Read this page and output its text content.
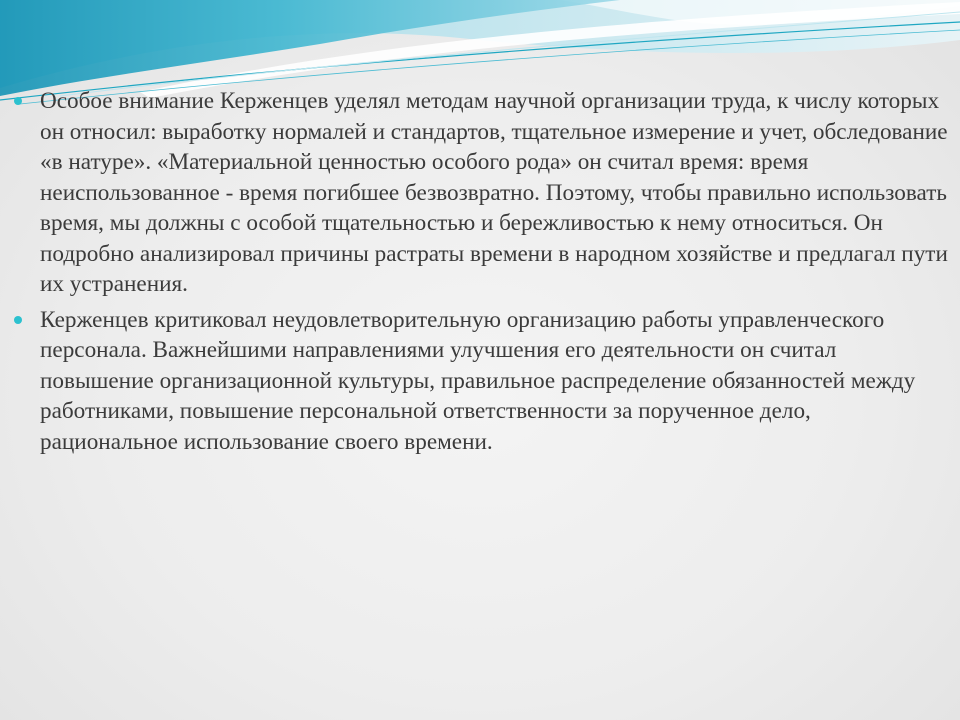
Особое внимание Керженцев уделял методам научной организации труда, к числу которых он относил: выработку нормалей и стандартов, тщательное измерение и учет, обследование «в натуре». «Материальной ценностью особого рода» он считал время: время неиспользованное - время погибшее безвозвратно. Поэтому, чтобы правильно использовать время, мы должны с особой тщательностью и бережливостью к нему относиться. Он подробно анализировал причины растраты времени в народном хозяйстве и предлагал пути их устранения.
Керженцев критиковал неудовлетворительную организацию работы управленческого персонала. Важнейшими направлениями улучшения его деятельности он считал повышение организационной культуры, правильное распределение обязанностей между работниками, повышение персональной ответственности за порученное дело, рациональное использование своего времени.
